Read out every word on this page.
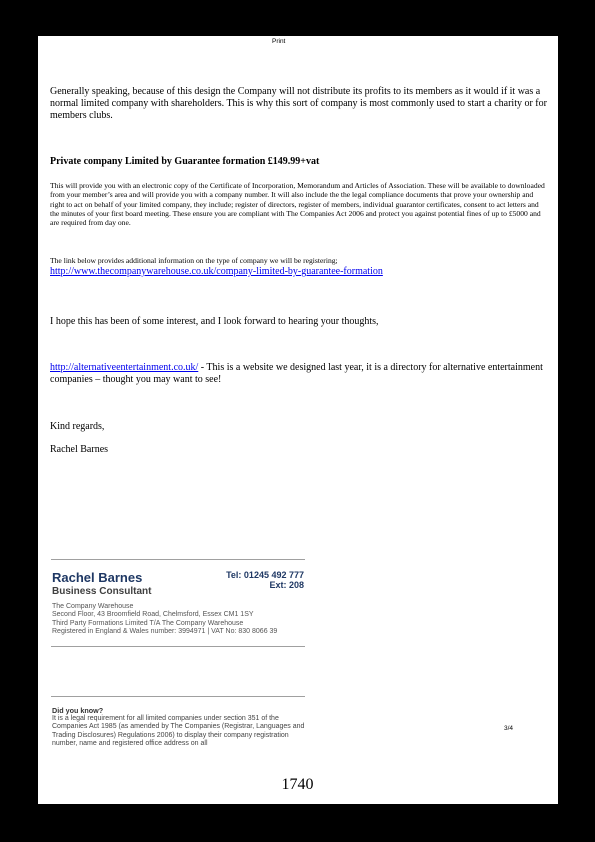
Generally speaking, because of this design the Company will not distribute its profits to its members as it would if it was a normal limited company with shareholders. This is why this sort of company is most commonly used to start a charity or for members clubs.

Private company Limited by Guarantee formation £149.99+vat

This will provide you with an electronic copy of the Certificate of Incorporation, Memorandum and Articles of Association. These will be available to downloaded from your member’s area and will provide you with a company number. It will also include the the legal compliance documents that prove your ownership and right to act on behalf of your limited company, they include; register of directors, register of members, individual guarantor certificates, consent to act letters and the minutes of your first board meeting. These ensure you are compliant with The Companies Act 2006 and protect you against potential fines of up to £5000 and are required from day one.

The link below provides additional information on the type of company we will be registering;

http://www.thecompanywarehouse.co.uk/company-limited-by-guarantee-formation

I hope this has been of some interest, and I look forward to hearing your thoughts,

http://alternativeentertainment.co.uk/ - This is a website we designed last year, it is a directory for alternative entertainment companies – thought you may want to see!

Kind regards,

Rachel Barnes

Rachel Barnes
Business Consultant
Tel: 01245 492 777
Ext: 208
The Company Warehouse
Second Floor, 43 Broomfield Road, Chelmsford, Essex CM1 1SY
Third Party Formations Limited T/A The Company Warehouse
Registered in England & Wales number: 3994971 | VAT No: 830 8066 39
Did you know?
It is a legal requirement for all limited companies under section 351 of the Companies Act 1985 (as amended by The Companies (Registrar, Languages and Trading Disclosures) Regulations 2006) to display their company registration number, name and registered office address on all
7/30/2017	Print
aboutblank	3/4
1740
